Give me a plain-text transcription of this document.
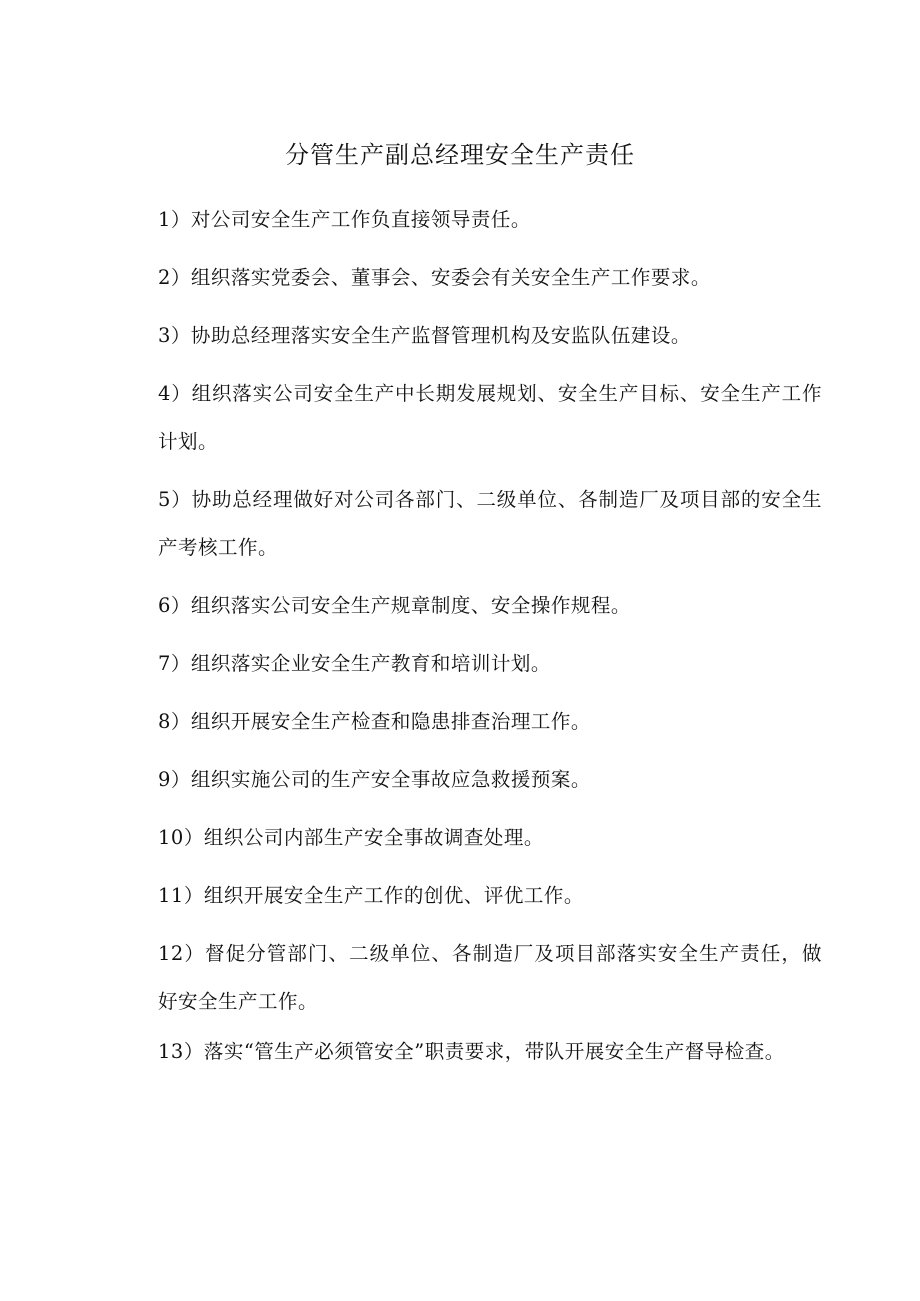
分管生产副总经理安全生产责任
1）对公司安全生产工作负直接领导责任。
2）组织落实党委会、董事会、安委会有关安全生产工作要求。
3）协助总经理落实安全生产监督管理机构及安监队伍建设。
4）组织落实公司安全生产中长期发展规划、安全生产目标、安全生产工作计划。
5）协助总经理做好对公司各部门、二级单位、各制造厂及项目部的安全生产考核工作。
6）组织落实公司安全生产规章制度、安全操作规程。
7）组织落实企业安全生产教育和培训计划。
8）组织开展安全生产检查和隐患排查治理工作。
9）组织实施公司的生产安全事故应急救援预案。
10）组织公司内部生产安全事故调查处理。
11）组织开展安全生产工作的创优、评优工作。
12）督促分管部门、二级单位、各制造厂及项目部落实安全生产责任，做好安全生产工作。
13）落实“管生产必须管安全”职责要求，带队开展安全生产督导检查。
